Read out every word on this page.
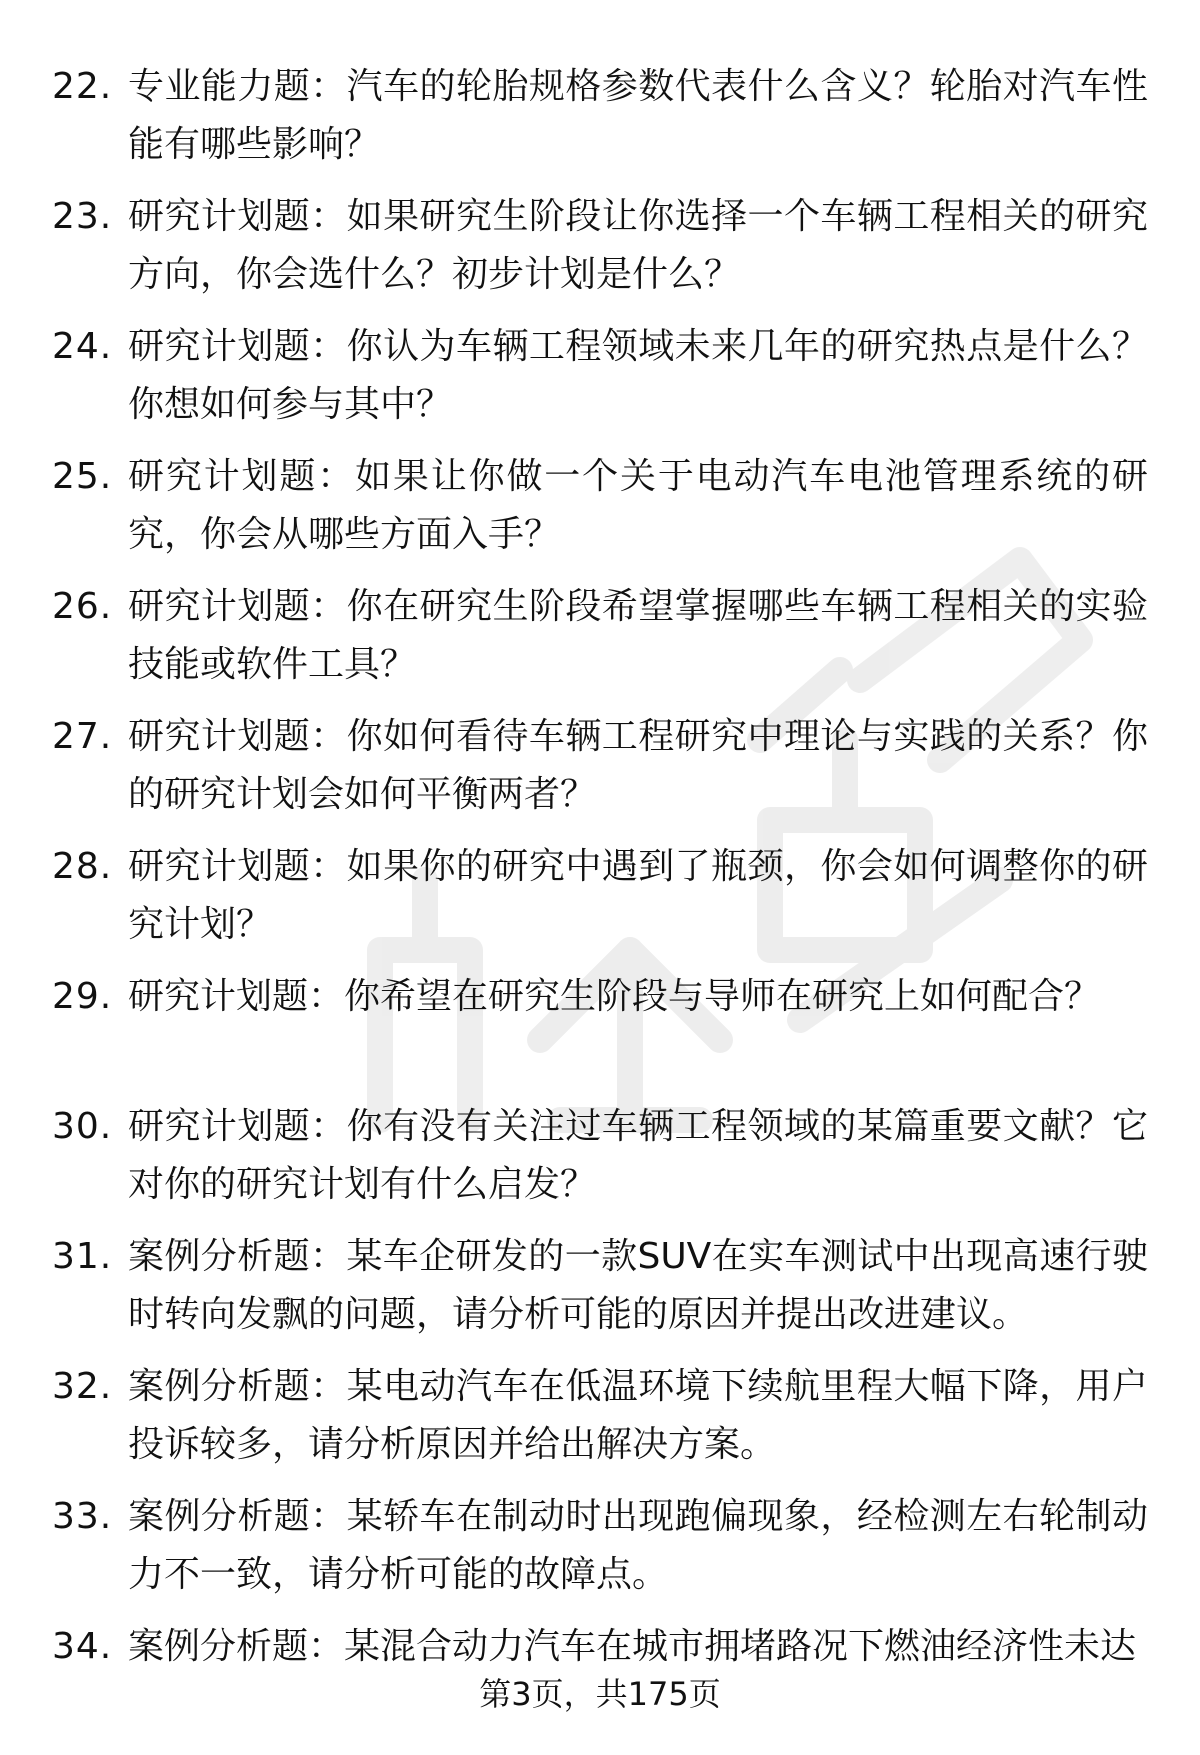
22. 专业能力题：汽车的轮胎规格参数代表什么含义？轮胎对汽车性能有哪些影响？
23. 研究计划题：如果研究生阶段让你选择一个车辆工程相关的研究方向，你会选什么？初步计划是什么？
24. 研究计划题：你认为车辆工程领域未来几年的研究热点是什么？你想如何参与其中？
25. 研究计划题：如果让你做一个关于电动汽车电池管理系统的研究，你会从哪些方面入手？
26. 研究计划题：你在研究生阶段希望掌握哪些车辆工程相关的实验技能或软件工具？
27. 研究计划题：你如何看待车辆工程研究中理论与实践的关系？你的研究计划会如何平衡两者？
28. 研究计划题：如果你的研究中遇到了瓶颈，你会如何调整你的研究计划？
29. 研究计划题：你希望在研究生阶段与导师在研究上如何配合？
30. 研究计划题：你有没有关注过车辆工程领域的某篇重要文献？它对你的研究计划有什么启发？
31. 案例分析题：某车企研发的一款SUV在实车测试中出现高速行驶时转向发飘的问题，请分析可能的原因并提出改进建议。
32. 案例分析题：某电动汽车在低温环境下续航里程大幅下降，用户投诉较多，请分析原因并给出解决方案。
33. 案例分析题：某轿车在制动时出现跑偏现象，经检测左右轮制动力不一致，请分析可能的故障点。
34. 案例分析题：某混合动力汽车在城市拥堵路况下燃油经济性未达
第3页，共175页
